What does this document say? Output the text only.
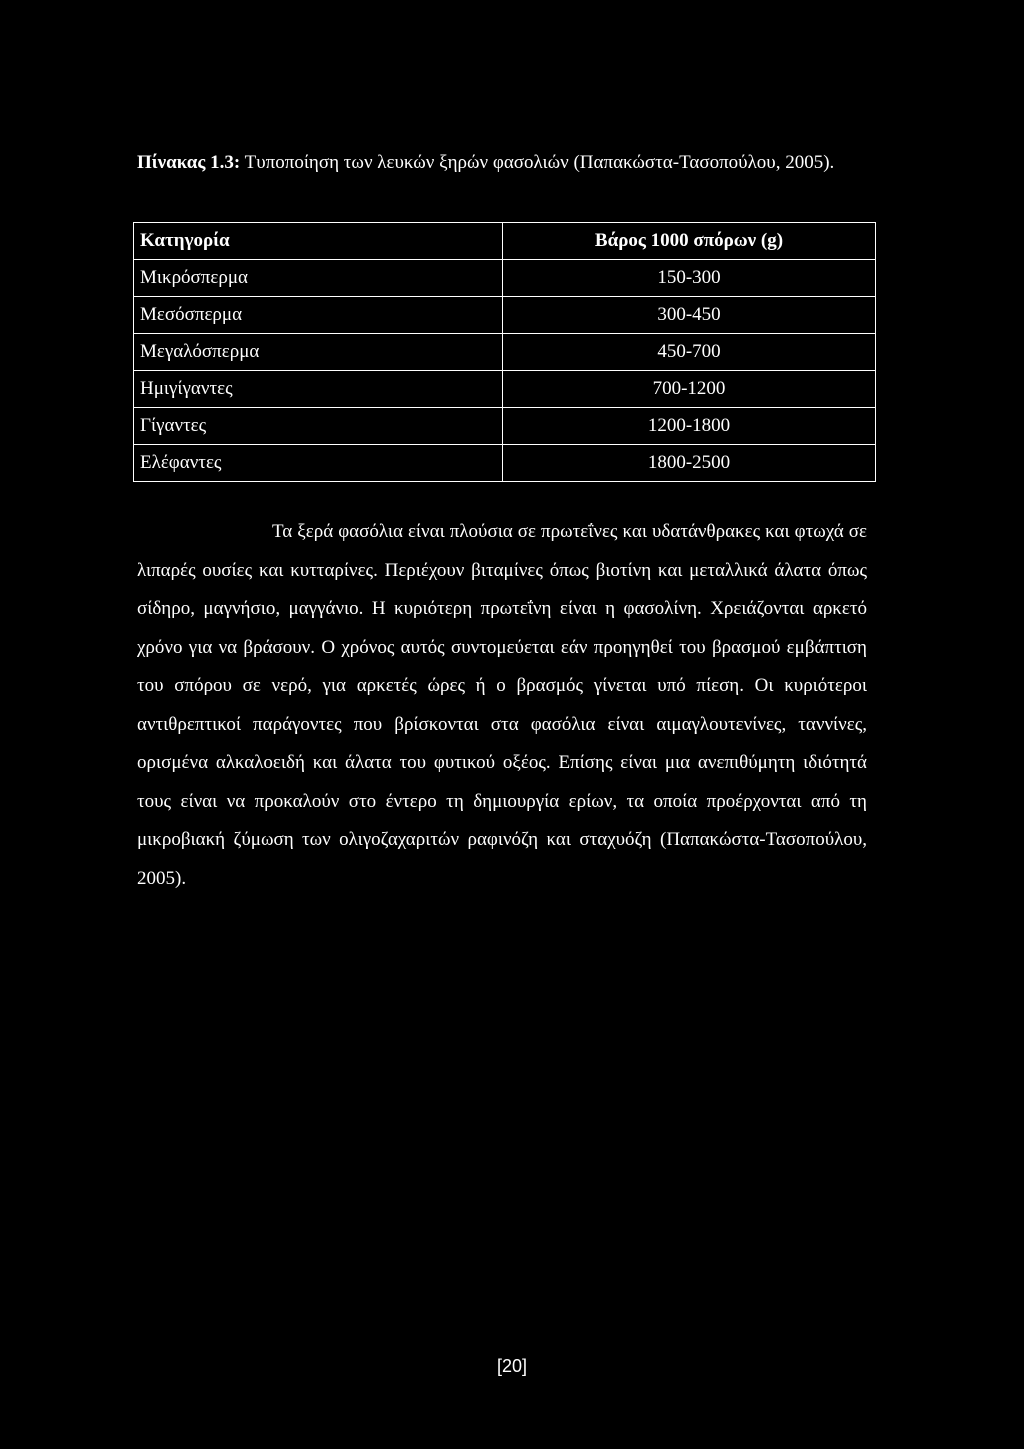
Πίνακας 1.3: Τυποποίηση των λευκών ξηρών φασολιών (Παπακώστα-Τασοπούλου, 2005).
Κατηγορία	Βάρος 1000 σπόρων (g)
Μικρόσπερμα	150-300
Μεσόσπερμα	300-450
Μεγαλόσπερμα	450-700
Ημιγίγαντες	700-1200
Γίγαντες	1200-1800
Ελέφαντες	1800-2500
Τα ξερά φασόλια είναι πλούσια σε πρωτεΐνες και υδατάνθρακες και φτωχά σε λιπαρές ουσίες και κυτταρίνες. Περιέχουν βιταμίνες όπως βιοτίνη και μεταλλικά άλατα όπως σίδηρο, μαγνήσιο, μαγγάνιο. Η κυριότερη πρωτεΐνη είναι η φασολίνη. Χρειάζονται αρκετό χρόνο για να βράσουν. Ο χρόνος αυτός συντομεύεται εάν προηγηθεί του βρασμού εμβάπτιση του σπόρου σε νερό, για αρκετές ώρες ή ο βρασμός γίνεται υπό πίεση. Οι κυριότεροι αντιθρεπτικοί παράγοντες που βρίσκονται στα φασόλια είναι αιμαγλουτενίνες, ταννίνες, ορισμένα αλκαλοειδή και άλατα του φυτικού οξέος. Επίσης είναι μια ανεπιθύμητη ιδιότητά τους είναι να προκαλούν στο έντερο τη δημιουργία ερίων, τα οποία προέρχονται από τη μικροβιακή ζύμωση των ολιγοζαχαριτών ραφινόζη και σταχυόζη (Παπακώστα-Τασοπούλου, 2005).
[20]
